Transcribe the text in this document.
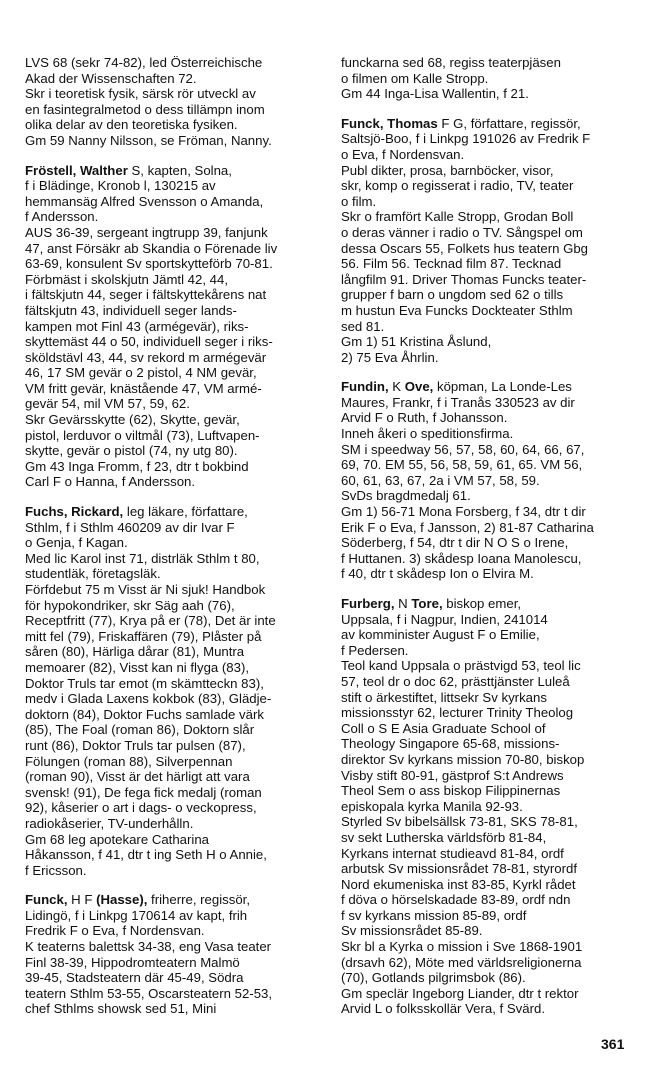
LVS 68 (sekr 74-82), led Österreichische
Akad der Wissenschaften 72.
Skr i teoretisk fysik, särsk rör utveckl av
en fasintegralmetod o dess tillämpn inom
olika delar av den teoretiska fysiken.
Gm 59 Nanny Nilsson, se Fröman, Nanny.
Fröstell, Walther S, kapten, Solna,
f i Blädinge, Kronob l, 130215 av
hemmansäg Alfred Svensson o Amanda,
f Andersson.
AUS 36-39, sergeant ingtrupp 39, fanjunk
47, anst Försäkr ab Skandia o Förenade liv
63-69, konsulent Sv sportskytteförb 70-81.
Förbmäst i skolskjutn Jämtl 42, 44,
i fältskjutn 44, seger i fältskyttekårens nat
fältskjutn 43, individuell seger lands-
kampen mot Finl 43 (armégevär), riks-
skyttemäst 44 o 50, individuell seger i riks-
sköldstävl 43, 44, sv rekord m armégevär
46, 17 SM gevär o 2 pistol, 4 NM gevär,
VM fritt gevär, knästående 47, VM armé-
gevär 54, mil VM 57, 59, 62.
Skr Gevärsskytte (62), Skytte, gevär,
pistol, lerduvor o viltmål (73), Luftvapen-
skytte, gevär o pistol (74, ny utg 80).
Gm 43 Inga Fromm, f 23, dtr t bokbind
Carl F o Hanna, f Andersson.
Fuchs, Rickard, leg läkare, författare,
Sthlm, f i Sthlm 460209 av dir Ivar F
o Genja, f Kagan.
Med lic Karol inst 71, distrläk Sthlm t 80,
studentläk, företagsläk.
Förfdebut 75 m Visst är Ni sjuk! Handbok
för hypokondriker, skr Säg aah (76),
Receptfritt (77), Krya på er (78), Det är inte
mitt fel (79), Friskaffären (79), Plåster på
såren (80), Härliga dårar (81), Muntra
memoarer (82), Visst kan ni flyga (83),
Doktor Truls tar emot (m skämtteckn 83),
medv i Glada Laxens kokbok (83), Glädje-
doktorn (84), Doktor Fuchs samlade värk
(85), The Foal (roman 86), Doktorn slår
runt (86), Doktor Truls tar pulsen (87),
Fölungen (roman 88), Silverpennan
(roman 90), Visst är det härligt att vara
svensk! (91), De fega fick medalj (roman
92), kåserier o art i dags- o veckopress,
radiokåserier, TV-underhålln.
Gm 68 leg apotekare Catharina
Håkansson, f 41, dtr t ing Seth H o Annie,
f Ericsson.
Funck, H F (Hasse), friherre, regissör,
Lidingö, f i Linkpg 170614 av kapt, frih
Fredrik F o Eva, f Nordensvan.
K teaterns balettsk 34-38, eng Vasa teater
Finl 38-39, Hippodromteatern Malmö
39-45, Stadsteatern där 45-49, Södra
teatern Sthlm 53-55, Oscarsteatern 52-53,
chef Sthlms showsk sed 51, Mini
funckarna sed 68, regiss teaterpjäsen
o filmen om Kalle Stropp.
Gm 44 Inga-Lisa Wallentin, f 21.
Funck, Thomas F G, författare, regissör,
Saltsjö-Boo, f i Linkpg 191026 av Fredrik F
o Eva, f Nordensvan.
Publ dikter, prosa, barnböcker, visor,
skr, komp o regisserat i radio, TV, teater
o film.
Skr o framfört Kalle Stropp, Grodan Boll
o deras vänner i radio o TV. Sångspel om
dessa Oscars 55, Folkets hus teatern Gbg
56. Film 56. Tecknad film 87. Tecknad
långfilm 91. Driver Thomas Funcks teater-
grupper f barn o ungdom sed 62 o tills
m hustun Eva Funcks Dockteater Sthlm
sed 81.
Gm 1) 51 Kristina Åslund,
2) 75 Eva Åhrlin.
Fundin, K Ove, köpman, La Londe-Les
Maures, Frankr, f i Tranås 330523 av dir
Arvid F o Ruth, f Johansson.
Inneh åkeri o speditionsfirma.
SM i speedway 56, 57, 58, 60, 64, 66, 67,
69, 70. EM 55, 56, 58, 59, 61, 65. VM 56,
60, 61, 63, 67, 2a i VM 57, 58, 59.
SvDs bragdmedalj 61.
Gm 1) 56-71 Mona Forsberg, f 34, dtr t dir
Erik F o Eva, f Jansson, 2) 81-87 Catharina
Söderberg, f 54, dtr t dir N O S o Irene,
f Huttanen. 3) skådesp Ioana Manolescu,
f 40, dtr t skådesp Ion o Elvira M.
Furberg, N Tore, biskop emer,
Uppsala, f i Nagpur, Indien, 241014
av komminister August F o Emilie,
f Pedersen.
Teol kand Uppsala o prästvigd 53, teol lic
57, teol dr o doc 62, prästtjänster Luleå
stift o ärkestiftet, littsekr Sv kyrkans
missionsstyr 62, lecturer Trinity Theolog
Coll o S E Asia Graduate School of
Theology Singapore 65-68, missions-
direktor Sv kyrkans mission 70-80, biskop
Visby stift 80-91, gästprof S:t Andrews
Theol Sem o ass biskop Filippinernas
episkopala kyrka Manila 92-93.
Styrled Sv bibelsällsk 73-81, SKS 78-81,
sv sekt Lutherska världsförb 81-84,
Kyrkans internat studieavd 81-84, ordf
arbutsk Sv missionsrådet 78-81, styrordf
Nord ekumeniska inst 83-85, Kyrkl rådet
f döva o hörselskadade 83-89, ordf ndn
f sv kyrkans mission 85-89, ordf
Sv missionsrådet 85-89.
Skr bl a Kyrka o mission i Sve 1868-1901
(drsavh 62), Möte med världsreligionerna
(70), Gotlands pilgrimsbok (86).
Gm speclär Ingeborg Liander, dtr t rektor
Arvid L o folksskollär Vera, f Svärd.
361
